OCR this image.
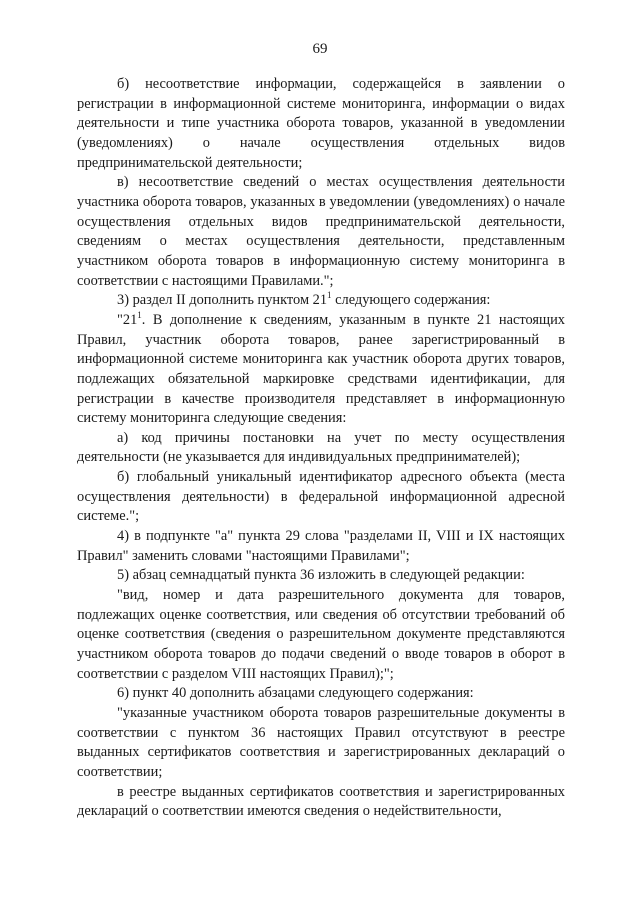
69

б) несоответствие информации, содержащейся в заявлении о регистрации в информационной системе мониторинга, информации о видах деятельности и типе участника оборота товаров, указанной в уведомлении (уведомлениях) о начале осуществления отдельных видов предпринимательской деятельности;

в) несоответствие сведений о местах осуществления деятельности участника оборота товаров, указанных в уведомлении (уведомлениях) о начале осуществления отдельных видов предпринимательской деятельности, сведениям о местах осуществления деятельности, представленным участником оборота товаров в информационную систему мониторинга в соответствии с настоящими Правилами.";

3) раздел II дополнить пунктом $21^1$ следующего содержания:

"$21^1$. В дополнение к сведениям, указанным в пункте 21 настоящих Правил, участник оборота товаров, ранее зарегистрированный в информационной системе мониторинга как участник оборота других товаров, подлежащих обязательной маркировке средствами идентификации, для регистрации в качестве производителя представляет в информационную систему мониторинга следующие сведения:

а) код причины постановки на учет по месту осуществления деятельности (не указывается для индивидуальных предпринимателей);

б) глобальный уникальный идентификатор адресного объекта (места осуществления деятельности) в федеральной информационной адресной системе.";

4) в подпункте "а" пункта 29 слова "разделами II, VIII и IX настоящих Правил" заменить словами "настоящими Правилами";

5) абзац семнадцатый пункта 36 изложить в следующей редакции:

"вид, номер и дата разрешительного документа для товаров, подлежащих оценке соответствия, или сведения об отсутствии требований об оценке соответствия (сведения о разрешительном документе представляются участником оборота товаров до подачи сведений о вводе товаров в оборот в соответствии с разделом VIII настоящих Правил);";

6) пункт 40 дополнить абзацами следующего содержания:

"указанные участником оборота товаров разрешительные документы в соответствии с пунктом 36 настоящих Правил отсутствуют в реестре выданных сертификатов соответствия и зарегистрированных деклараций о соответствии;

в реестре выданных сертификатов соответствия и зарегистрированных деклараций о соответствии имеются сведения о недействительности,
